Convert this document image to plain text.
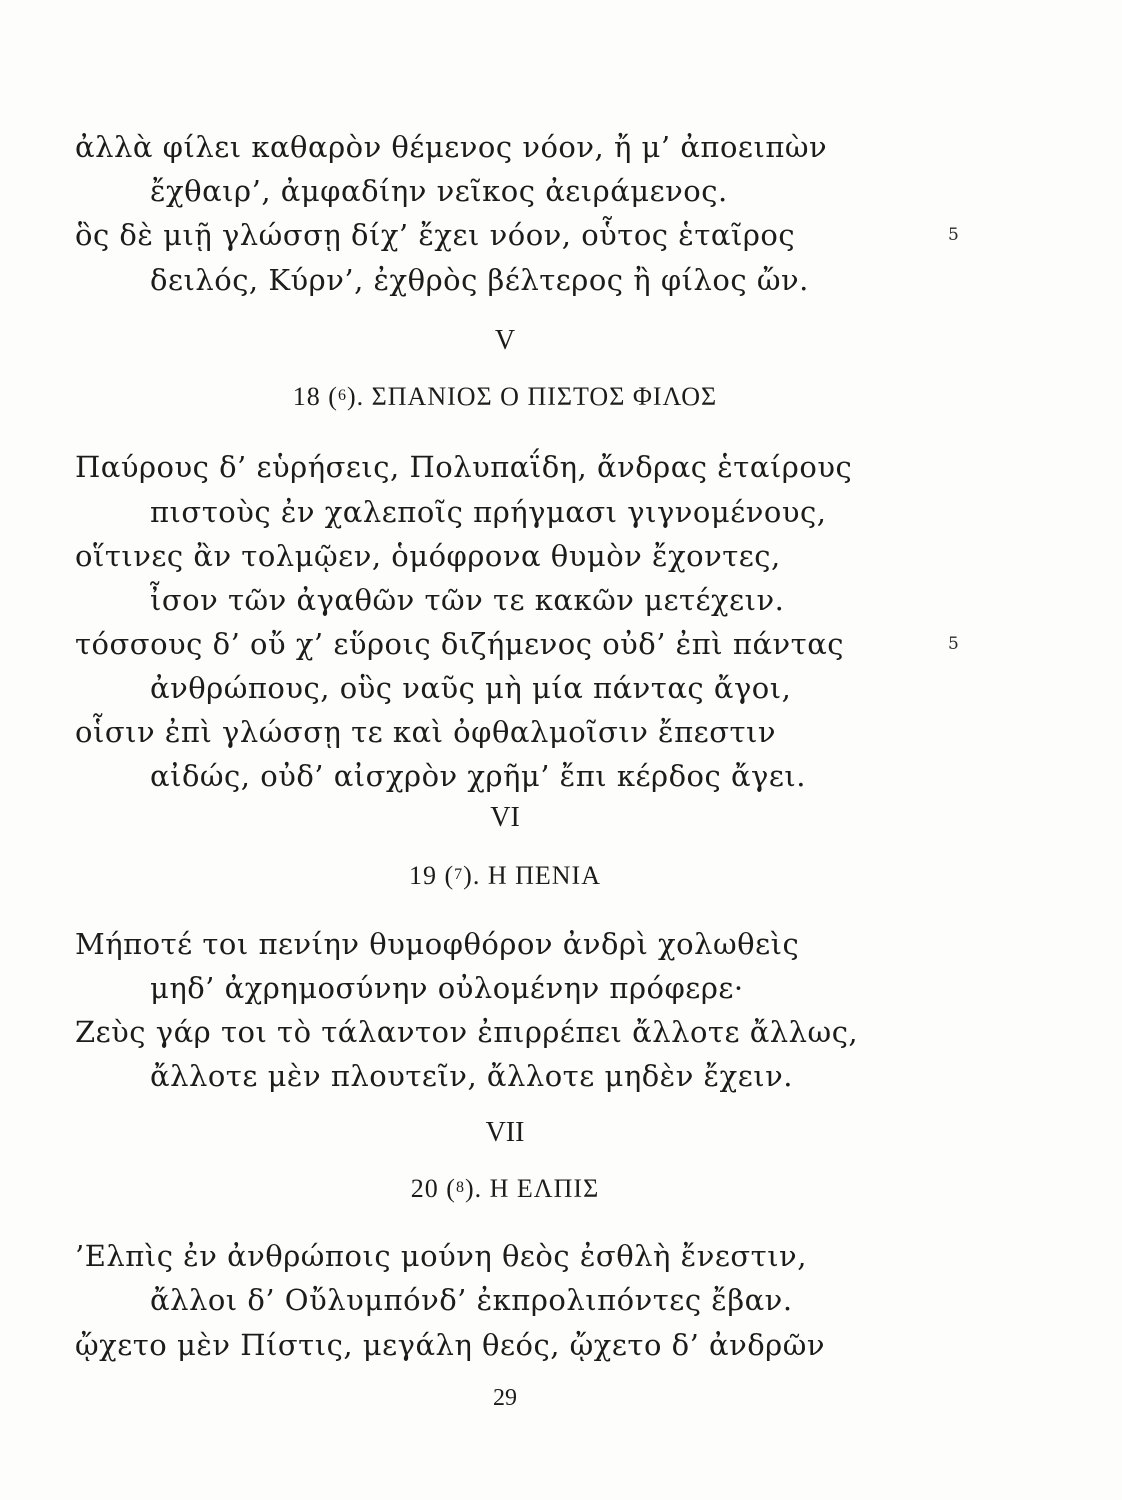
ἀλλὰ φίλει καθαρὸν θέμενος νόον, ἤ μ’ ἀποειπὼν
ἔχθαιρ’, ἀμφαδίην νεῖκος ἀειράμενος.
ὃς δὲ μιῇ γλώσσῃ δίχ’ ἔχει νόον, οὗτος ἑταῖρος	5
δειλός, Κύρν’, ἐχθρὸς βέλτερος ἢ φίλος ὤν.
V
18 ($^6$). ΣΠΑΝΙΟΣ Ο ΠΙΣΤΟΣ ΦΙΛΟΣ
Παύρους δ’ εὑρήσεις, Πολυπαΐδη, ἄνδρας ἑταίρους
πιστοὺς ἐν χαλεποῖς πρήγμασι γιγνομένους,
οἵτινες ἂν τολμῷεν, ὁμόφρονα θυμὸν ἔχοντες,
ἶσον τῶν ἀγαθῶν τῶν τε κακῶν μετέχειν.
τόσσους δ’ οὔ χ’ εὕροις διζήμενος οὐδ’ ἐπὶ πάντας	5
ἀνθρώπους, οὓς ναῦς μὴ μία πάντας ἄγοι,
οἷσιν ἐπὶ γλώσσῃ τε καὶ ὀφθαλμοῖσιν ἔπεστιν
αἰδώς, οὐδ’ αἰσχρὸν χρῆμ’ ἔπι κέρδος ἄγει.
VI
19 ($^7$). Η ΠΕΝΙΑ
Μήποτέ τοι πενίην θυμοφθόρον ἀνδρὶ χολωθεὶς
μηδ’ ἀχρημοσύνην οὐλομένην πρόφερε·
Ζεὺς γάρ τοι τὸ τάλαντον ἐπιρρέπει ἄλλοτε ἄλλως,
ἄλλοτε μὲν πλουτεῖν, ἄλλοτε μηδὲν ἔχειν.
VII
20 ($^8$). Η ΕΛΠΙΣ
’Ελπὶς ἐν ἀνθρώποις μούνη θεὸς ἐσθλὴ ἔνεστιν,
ἄλλοι δ’ Οὔλυμπόνδ’ ἐκπρολιπόντες ἔβαν.
ᾤχετο μὲν Πίστις, μεγάλη θεός, ᾤχετο δ’ ἀνδρῶν
29
